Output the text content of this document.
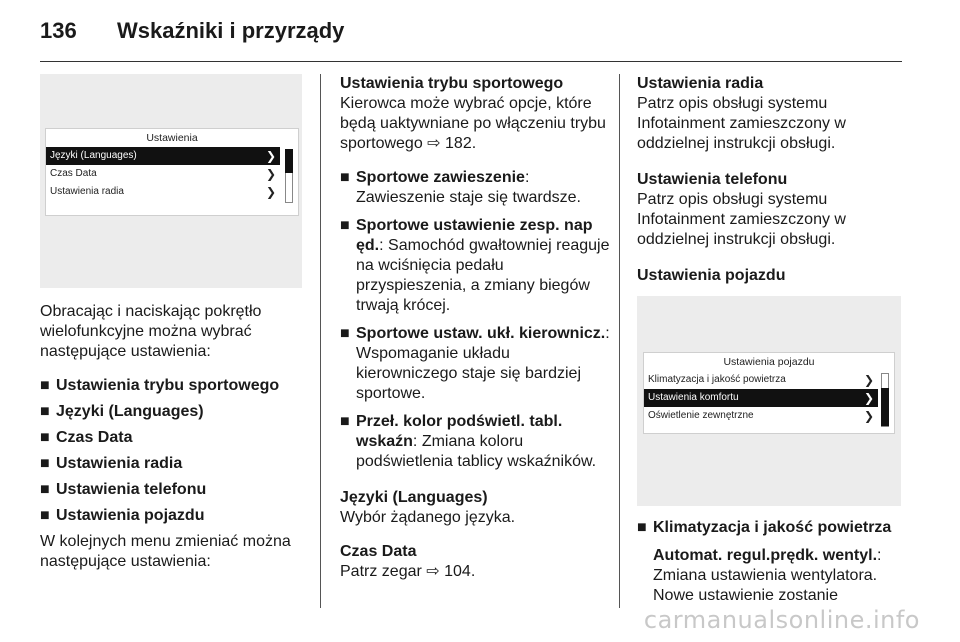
136 Wskaźniki i przyrządy
Ustawienia
Języki (Languages)	❯
Czas Data	❯
Ustawienia radia	❯

Obracając i naciskając pokrętło wielofunkcyjne można wybrać następujące ustawienia:

■ Ustawienia trybu sportowego
■ Języki (Languages)
■ Czas Data
■ Ustawienia radia
■ Ustawienia telefonu
■ Ustawienia pojazdu

W kolejnych menu zmieniać można następujące ustawienia:

Ustawienia trybu sportowego
Kierowca może wybrać opcje, które będą uaktywniane po włączeniu trybu sportowego ⇨ 182.
■ Sportowe zawieszenie:
Zawieszenie staje się twardsze.
■ Sportowe ustawienie zesp. nap ęd.: Samochód gwałtowniej reaguje na wciśnięcia pedału przyspieszenia, a zmiany biegów trwają krócej.
■ Sportowe ustaw. ukł. kierownicz.: Wspomaganie układu kierowniczego staje się bardziej sportowe.
■ Przeł. kolor podświetl. tabl. wskaźn: Zmiana koloru podświetlenia tablicy wskaźników.
Języki (Languages)
Wybór żądanego języka.
Czas Data
Patrz zegar ⇨ 104.
Ustawienia radia
Patrz opis obsługi systemu Infotainment zamieszczony w oddzielnej instrukcji obsługi.
Ustawienia telefonu
Patrz opis obsługi systemu Infotainment zamieszczony w oddzielnej instrukcji obsługi.
Ustawienia pojazdu
Ustawienia pojazdu
Klimatyzacja i jakość powietrza	❯
Ustawienia komfortu	❯
Oświetlenie zewnętrzne	❯
■ Klimatyzacja i jakość powietrza
Automat. regul.prędk. wentyl.: Zmiana ustawienia wentylatora. Nowe ustawienie zostanie
carmanualsonline.info
